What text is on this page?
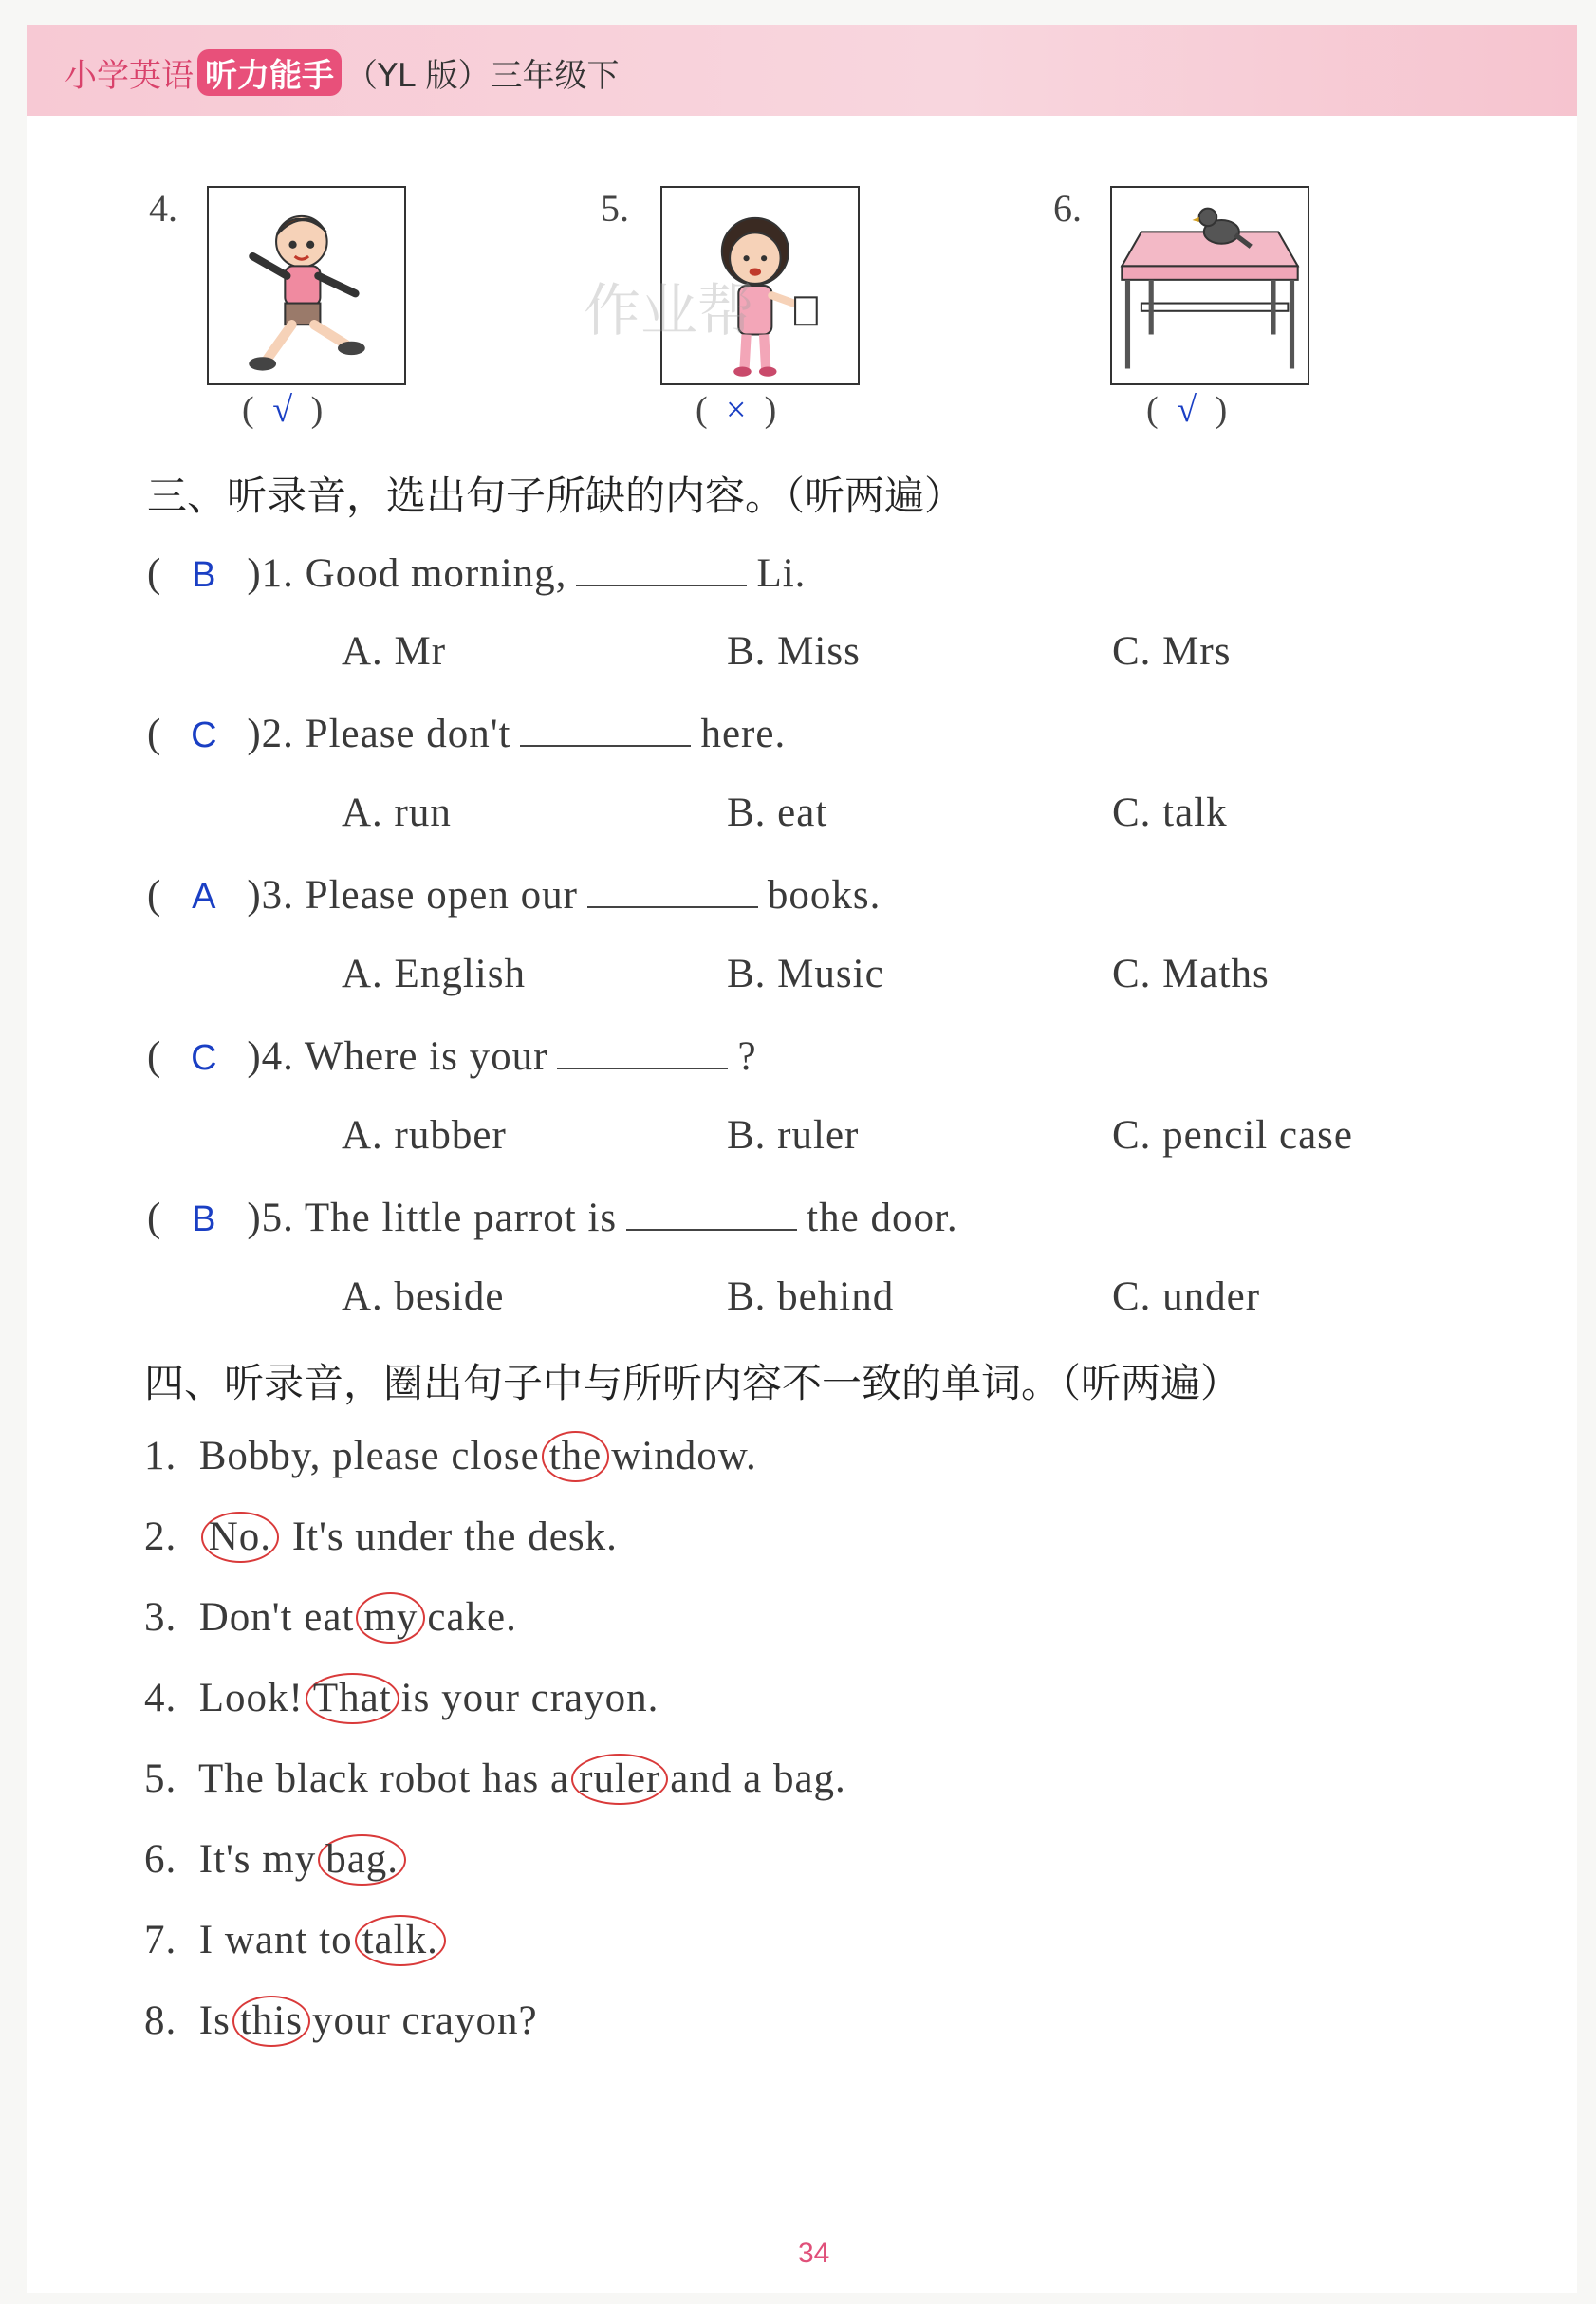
小学英语 听力能手 （YL 版）三年级下
4.
( √ )
5.
( × )
6.
( √ )
作业帮
三、听录音，选出句子所缺的内容。（听两遍）
( B )1. Good morning,	Li.
A. Mr	B. Miss	C. Mrs
( C )2. Please don't	here.
A. run	B. eat	C. talk
( A )3. Please open our	books.
A. English	B. Music	C. Maths
( C )4. Where is your	?
A. rubber	B. ruler	C. pencil case
( B )5. The little parrot is	the door.
A. beside	B. behind	C. under
四、听录音，圈出句子中与所听内容不一致的单词。（听两遍）
1. Bobby, please close the window.
2. No. It's under the desk.
3. Don't eat my cake.
4. Look! That is your crayon.
5. The black robot has a ruler and a bag.
6. It's my bag.
7. I want to talk.
8. Is this your crayon?
34
